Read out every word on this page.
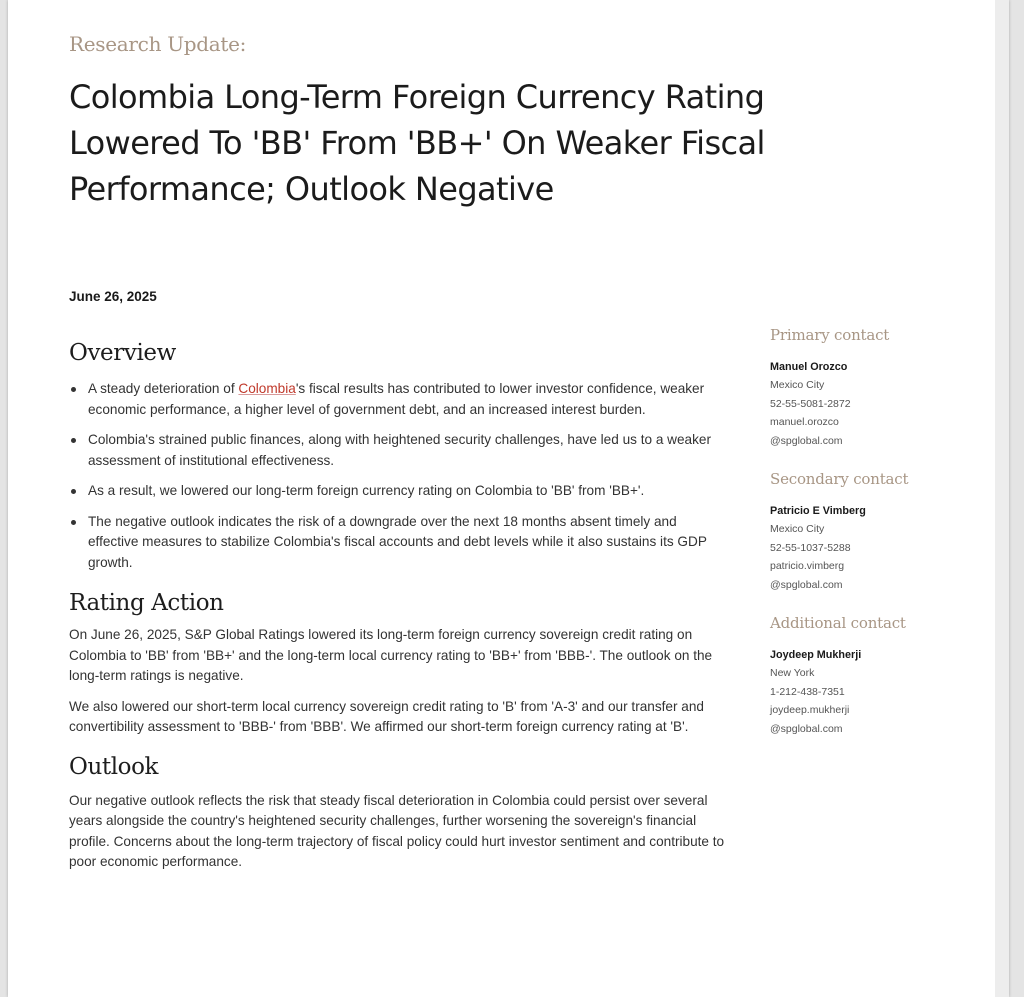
Research Update:
Colombia Long-Term Foreign Currency Rating Lowered To 'BB' From 'BB+' On Weaker Fiscal Performance; Outlook Negative
June 26, 2025
Overview
A steady deterioration of Colombia's fiscal results has contributed to lower investor confidence, weaker economic performance, a higher level of government debt, and an increased interest burden.
Colombia's strained public finances, along with heightened security challenges, have led us to a weaker assessment of institutional effectiveness.
As a result, we lowered our long-term foreign currency rating on Colombia to 'BB' from 'BB+'.
The negative outlook indicates the risk of a downgrade over the next 18 months absent timely and effective measures to stabilize Colombia's fiscal accounts and debt levels while it also sustains its GDP growth.
Rating Action

On June 26, 2025, S&P Global Ratings lowered its long-term foreign currency sovereign credit rating on Colombia to 'BB' from 'BB+' and the long-term local currency rating to 'BB+' from 'BBB-'. The outlook on the long-term ratings is negative.

We also lowered our short-term local currency sovereign credit rating to 'B' from 'A-3' and our transfer and convertibility assessment to 'BBB-' from 'BBB'. We affirmed our short-term foreign currency rating at 'B'.

Outlook

Our negative outlook reflects the risk that steady fiscal deterioration in Colombia could persist over several years alongside the country's heightened security challenges, further worsening the sovereign's financial profile. Concerns about the long-term trajectory of fiscal policy could hurt investor sentiment and contribute to poor economic performance.

Primary contact
Manuel Orozco
Mexico City
52-55-5081-2872
manuel.orozco
@spglobal.com
Secondary contact
Patricio E Vimberg
Mexico City
52-55-1037-5288
patricio.vimberg
@spglobal.com
Additional contact
Joydeep Mukherji
New York
1-212-438-7351
joydeep.mukherji
@spglobal.com
